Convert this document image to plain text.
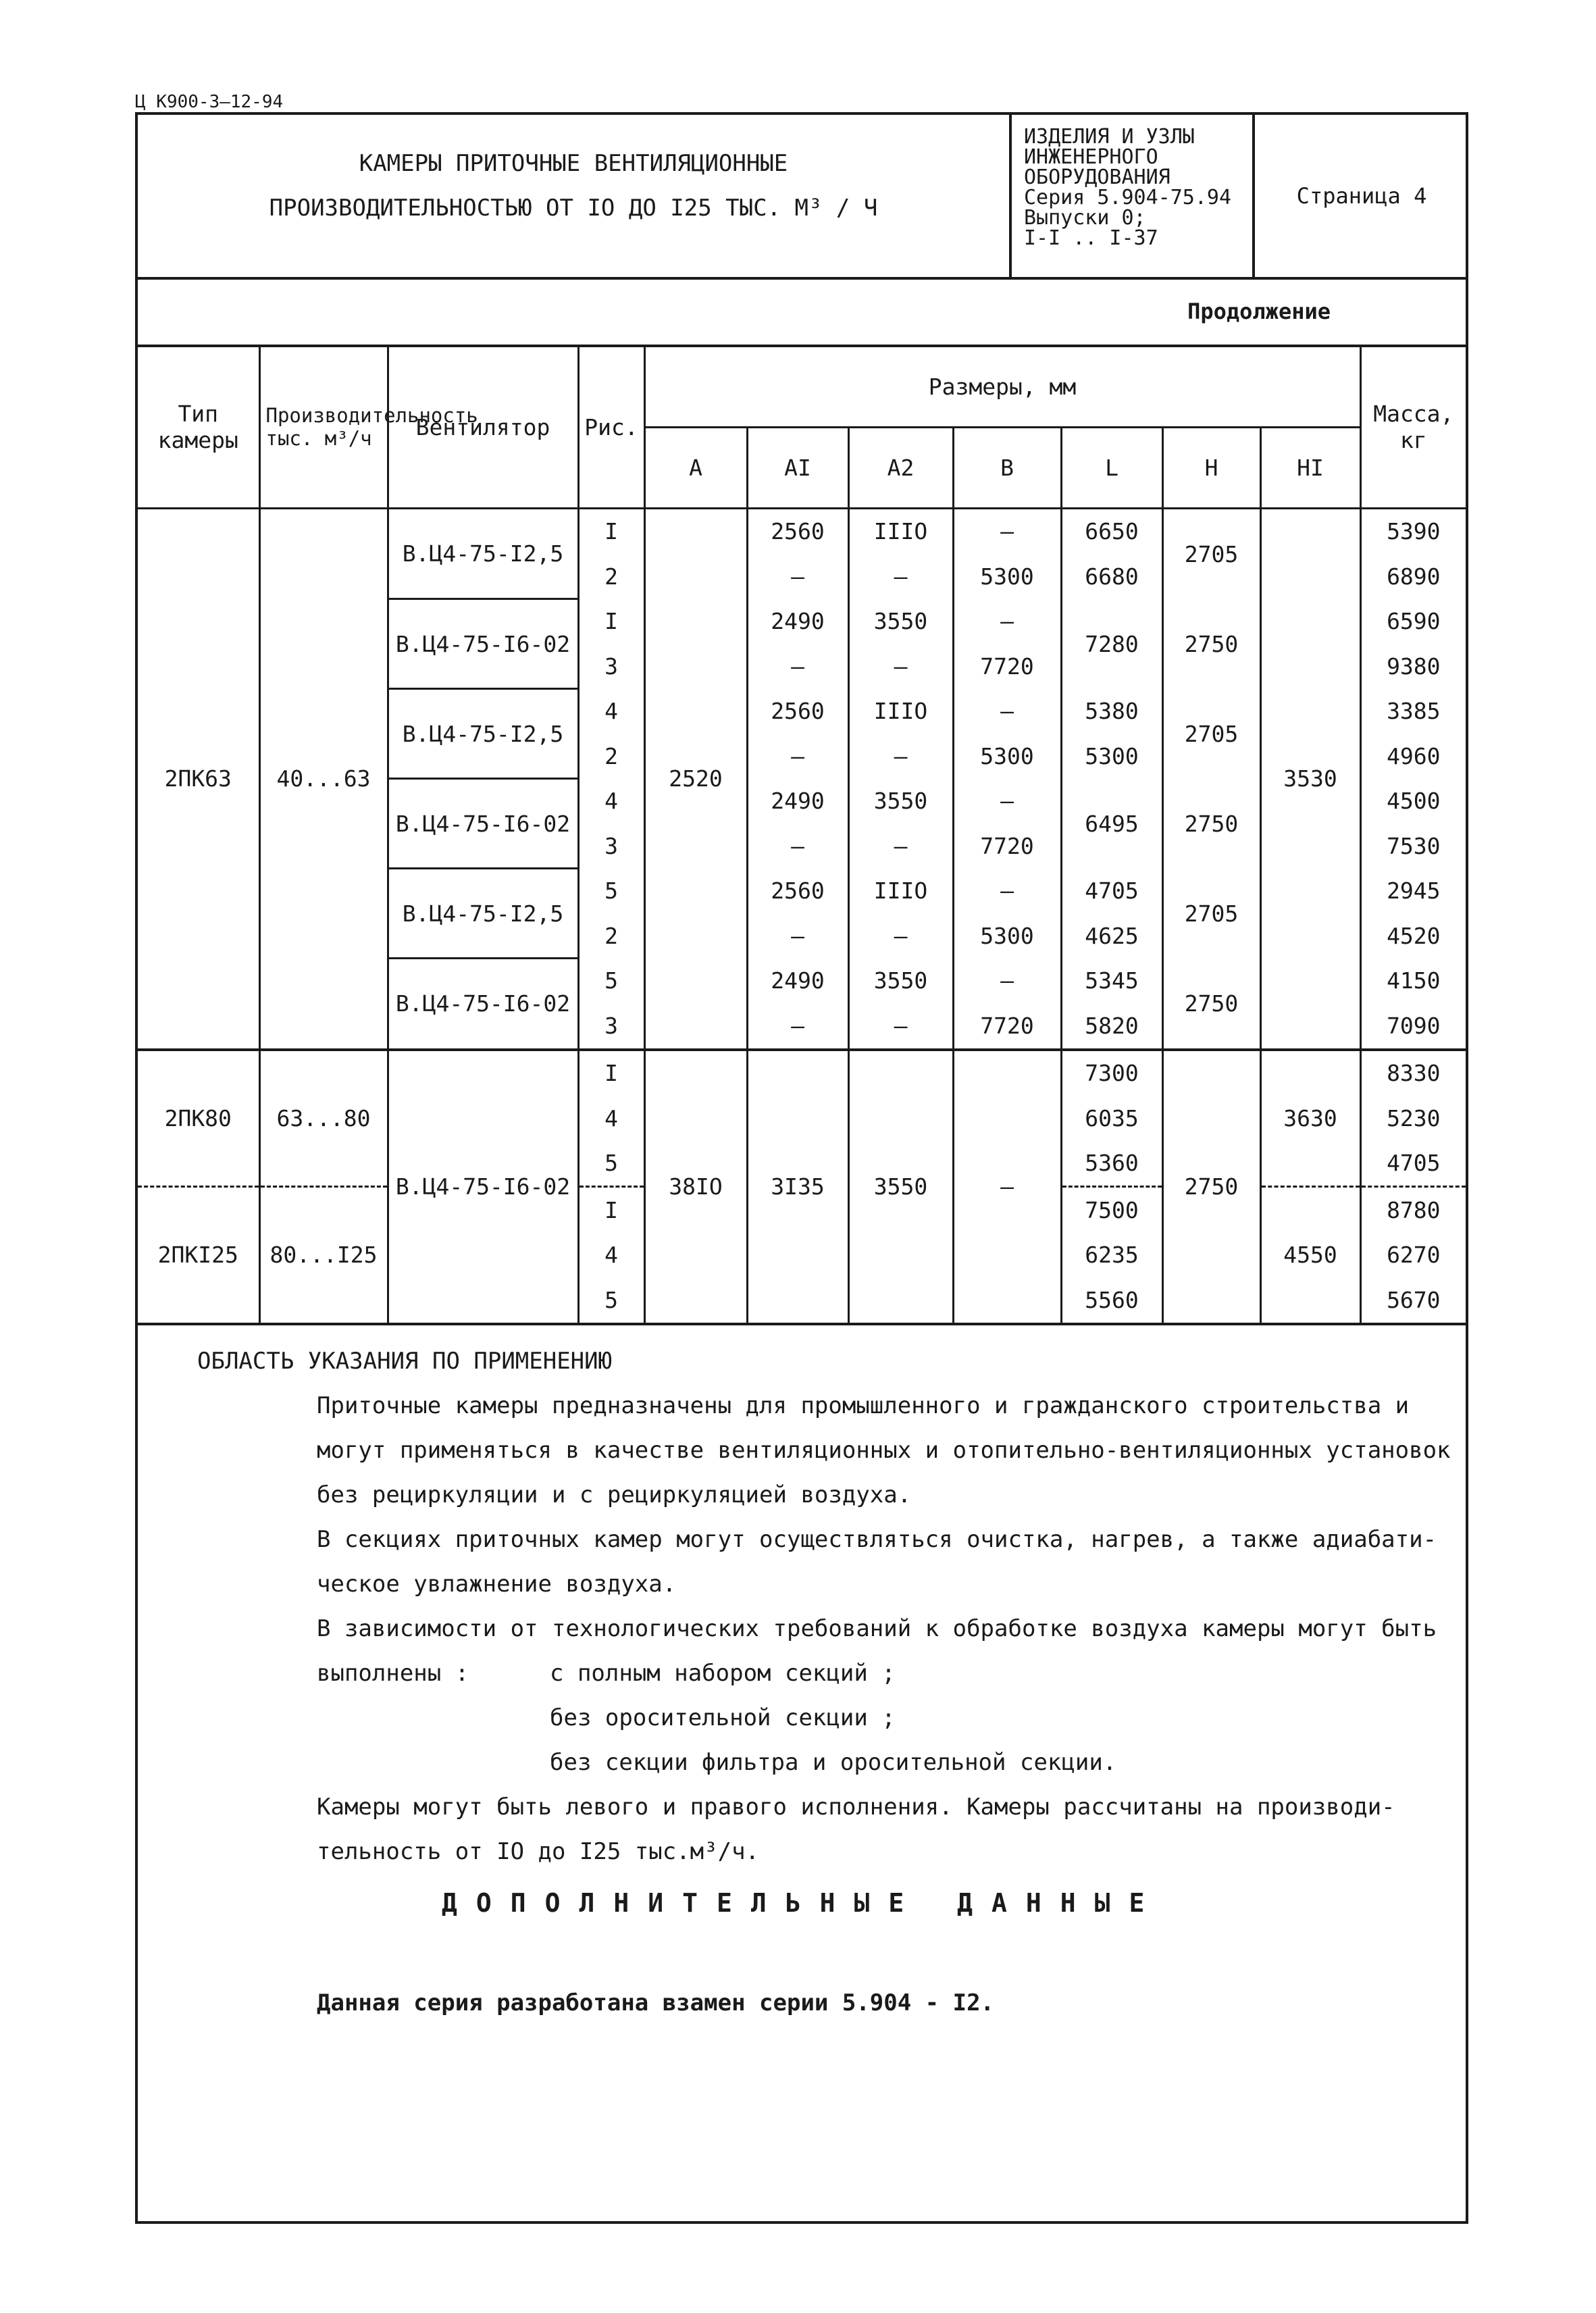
Ц К900-3—12-94
КАМЕРЫ ПРИТОЧНЫЕ ВЕНТИЛЯЦИОННЫЕ
ПРОИЗВОДИТЕЛЬНОСТЬЮ ОТ IO ДО I25 ТЫС. М³ / Ч
ИЗДЕЛИЯ И УЗЛЫ
ИНЖЕНЕРНОГО
ОБОРУДОВАНИЯ
Серия 5.904-75.94
Выпуски 0;
I-I .. I-37
Страница 4
Продолжение
Тип камеры	Производительность тыс. м³/ч	Вентилятор	Рис.	Размеры, мм							Масса, кг
				A	AI	A2	B	L	H	HI	
2ПК63	40...63	В.Ц4-75-I2,5	I	2520	2560	IIIO	–	6650	2705	3530	5390
			2		–	–	5300	6680			6890
		В.Ц4-75-I6-02	I		2490	3550	–	7280	2750		6590
			3		–	–	7720				9380
		В.Ц4-75-I2,5	4		2560	IIIO	–	5380	2705		3385
			2		–	–	5300	5300			4960
		В.Ц4-75-I6-02	4		2490	3550	–	6495	2750		4500
			3		–	–	7720				7530
		В.Ц4-75-I2,5	5		2560	IIIO	–	4705	2705		2945
			2		–	–	5300	4625			4520
		В.Ц4-75-I6-02	5		2490	3550	–	5345	2750		4150
			3		–	–	7720	5820			7090
2ПК80	63...80	В.Ц4-75-I6-02	I	38IO	3I35	3550	–	7300	2750	3630	8330
			4					6035			5230
			5					5360			4705
2ПКI25	80...I25		I					7500		4550	8780
			4					6235			6270
			5					5560			5670
ОБЛАСТЬ УКАЗАНИЯ ПО ПРИМЕНЕНИЮ

Приточные камеры предназначены для промышленного и гражданского строительства и

могут применяться в качестве вентиляционных и отопительно-вентиляционных установок

без рециркуляции и с рециркуляцией воздуха.

В секциях приточных камер могут осуществляться очистка, нагрев, а также адиабати-

ческое увлажнение воздуха.

В зависимости от технологических требований к обработке воздуха камеры могут быть

выполнены :	с полным набором секций ;

без оросительной секции ;

без секции фильтра и оросительной секции.

Камеры могут быть левого и правого исполнения. Камеры рассчитаны на производи-

тельность от IO до I25 тыс.м³/ч.

ДОПОЛНИТЕЛЬНЫЕ ДАННЫЕ
Данная серия разработана взамен серии 5.904 - I2.
